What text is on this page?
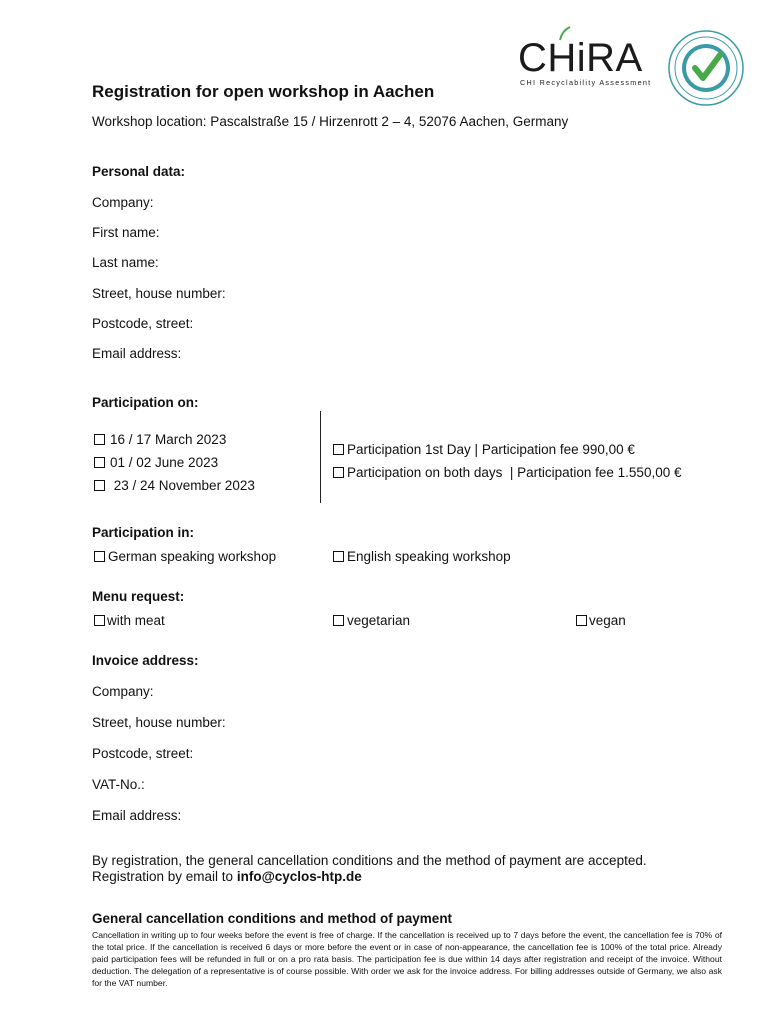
CHiRA
CHI Recyclability Assessment
Registration for open workshop in Aachen
Workshop location: Pascalstraße 15 / Hirzenrott 2 – 4, 52076 Aachen, Germany
Personal data:
Company:
First name:
Last name:
Street, house number:
Postcode, street:
Email address:
Participation on:
16 / 17 March 2023
01 / 02 June 2023
23 / 24 November 2023
Participation 1st Day | Participation fee 990,00 €
Participation on both days  | Participation fee 1.550,00 €
Participation in:
German speaking workshop	English speaking workshop
Menu request:
with meat	vegetarian	vegan
Invoice address:
Company:
Street, house number:
Postcode, street:
VAT-No.:
Email address:
By registration, the general cancellation conditions and the method of payment are accepted.
Registration by email to info@cyclos-htp.de
General cancellation conditions and method of payment
Cancellation in writing up to four weeks before the event is free of charge. If the cancellation is received up to 7 days before the event, the cancellation fee is 70% of the total price. If the cancellation is received 6 days or more before the event or in case of non-appearance, the cancellation fee is 100% of the total price. Already paid participation fees will be refunded in full or on a pro rata basis. The participation fee is due within 14 days after registration and receipt of the invoice. Without deduction. The delegation of a representative is of course possible. With order we ask for the invoice address. For billing addresses outside of Germany, we also ask for the VAT number.
